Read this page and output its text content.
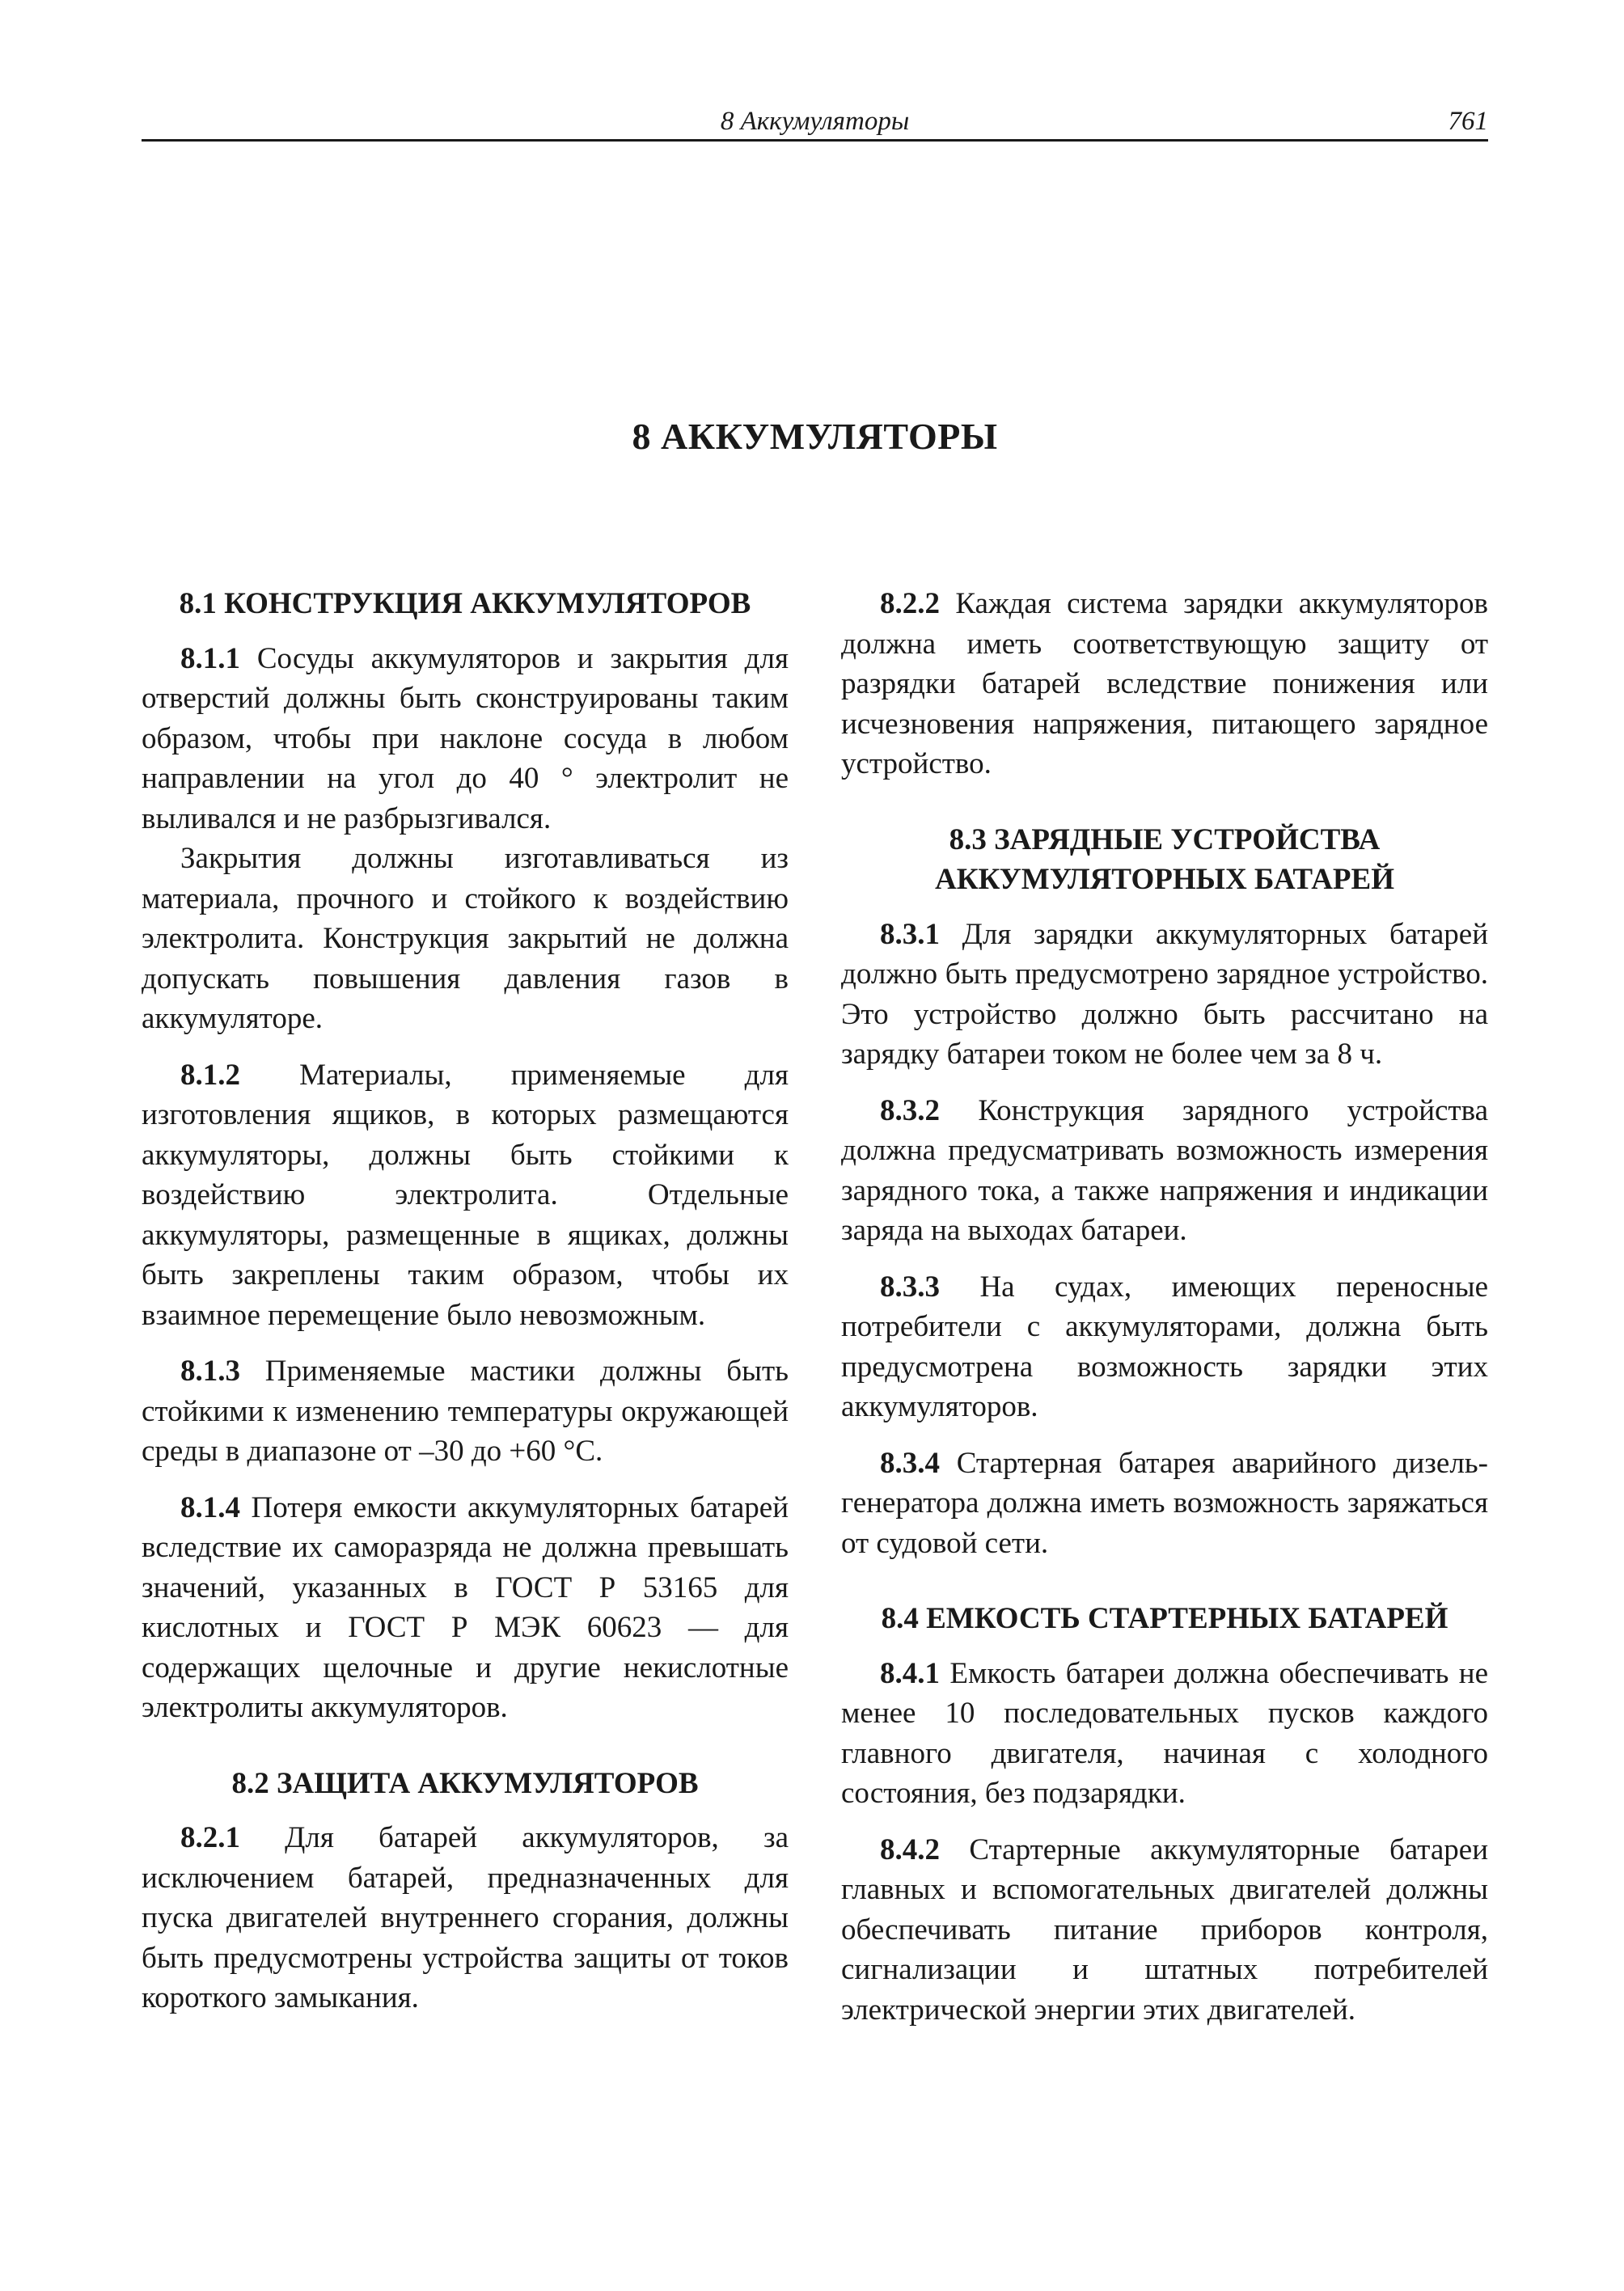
8 Аккумуляторы	761
8 АККУМУЛЯТОРЫ
8.1 КОНСТРУКЦИЯ АККУМУЛЯТОРОВ

8.1.1 Сосуды аккумуляторов и закрытия для отверстий должны быть сконструированы таким образом, чтобы при наклоне сосуда в любом направлении на угол до 40 ° электролит не выливался и не разбрызгивался.

Закрытия должны изготавливаться из материала, прочного и стойкого к воздействию электролита. Конструкция закрытий не должна допускать повышения давления газов в аккумуляторе.

8.1.2 Материалы, применяемые для изготовления ящиков, в которых размещаются аккумуляторы, должны быть стойкими к воздействию электролита. Отдельные аккумуляторы, размещенные в ящиках, должны быть закреплены таким образом, чтобы их взаимное перемещение было невозможным.

8.1.3 Применяемые мастики должны быть стойкими к изменению температуры окружающей среды в диапазоне от –30 до +60 °C.

8.1.4 Потеря емкости аккумуляторных батарей вследствие их саморазряда не должна превышать значений, указанных в ГОСТ Р 53165 для кислотных и ГОСТ Р МЭК 60623 — для содержащих щелочные и другие некислотные электролиты аккумуляторов.

8.2 ЗАЩИТА АККУМУЛЯТОРОВ

8.2.1 Для батарей аккумуляторов, за исключением батарей, предназначенных для пуска двигателей внутреннего сгорания, должны быть предусмотрены устройства защиты от токов короткого замыкания.

8.2.2 Каждая система зарядки аккумуляторов должна иметь соответствующую защиту от разрядки батарей вследствие понижения или исчезновения напряжения, питающего зарядное устройство.

8.3 ЗАРЯДНЫЕ УСТРОЙСТВА
АККУМУЛЯТОРНЫХ БАТАРЕЙ

8.3.1 Для зарядки аккумуляторных батарей должно быть предусмотрено зарядное устройство. Это устройство должно быть рассчитано на зарядку батареи током не более чем за 8 ч.

8.3.2 Конструкция зарядного устройства должна предусматривать возможность измерения зарядного тока, а также напряжения и индикации заряда на выходах батареи.

8.3.3 На судах, имеющих переносные потребители с аккумуляторами, должна быть предусмотрена возможность зарядки этих аккумуляторов.

8.3.4 Стартерная батарея аварийного дизель-генератора должна иметь возможность заряжаться от судовой сети.

8.4 ЕМКОСТЬ СТАРТЕРНЫХ БАТАРЕЙ

8.4.1 Емкость батареи должна обеспечивать не менее 10 последовательных пусков каждого главного двигателя, начиная с холодного состояния, без подзарядки.

8.4.2 Стартерные аккумуляторные батареи главных и вспомогательных двигателей должны обеспечивать питание приборов контроля, сигнализации и штатных потребителей электрической энергии этих двигателей.
